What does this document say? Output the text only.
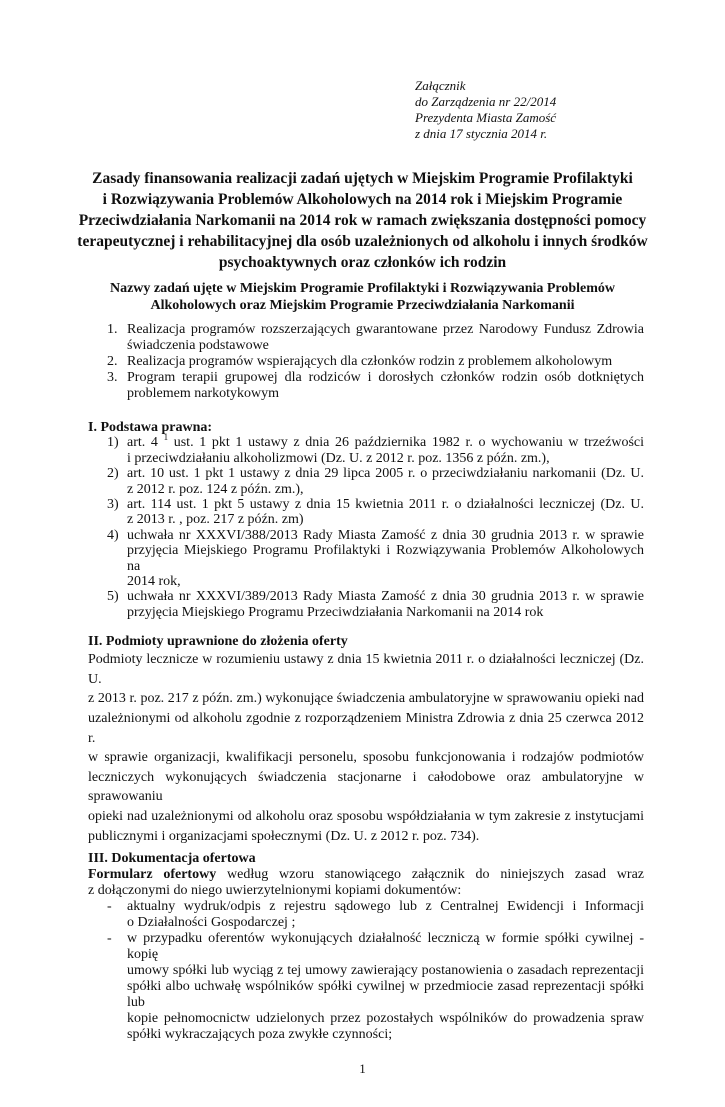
Załącznik
do Zarządzenia nr 22/2014
Prezydenta Miasta Zamość
z dnia 17 stycznia 2014 r.
Zasady finansowania realizacji zadań ujętych w Miejskim Programie Profilaktyki
i Rozwiązywania Problemów Alkoholowych na 2014 rok i Miejskim Programie
Przeciwdziałania Narkomanii na 2014 rok w ramach zwiększania dostępności pomocy
terapeutycznej i rehabilitacyjnej dla osób uzależnionych od alkoholu i innych środków
psychoaktywnych oraz członków ich rodzin
Nazwy zadań ujęte w Miejskim Programie Profilaktyki i Rozwiązywania Problemów
Alkoholowych oraz Miejskim Programie Przeciwdziałania Narkomanii
1. Realizacja programów rozszerzających gwarantowane przez Narodowy Fundusz Zdrowia
świadczenia podstawowe
2. Realizacja programów wspierających dla członków rodzin z problemem alkoholowym
3. Program terapii grupowej dla rodziców i dorosłych członków rodzin osób dotkniętych
problemem narkotykowym
I. Podstawa prawna:
1) art. 4 $^1$ ust. 1 pkt 1 ustawy z dnia 26 października 1982 r. o wychowaniu w trzeźwości
i przeciwdziałaniu alkoholizmowi (Dz. U. z 2012 r. poz. 1356 z późn. zm.),
2) art. 10 ust. 1 pkt 1 ustawy z dnia 29 lipca 2005 r. o przeciwdziałaniu narkomanii (Dz. U.
z 2012 r. poz. 124 z późn. zm.),
3) art. 114 ust. 1 pkt 5 ustawy z dnia 15 kwietnia 2011 r. o działalności leczniczej (Dz. U.
z 2013 r. , poz. 217 z późn. zm)
4) uchwała nr XXXVI/388/2013 Rady Miasta Zamość z dnia 30 grudnia 2013 r. w sprawie
przyjęcia Miejskiego Programu Profilaktyki i Rozwiązywania Problemów Alkoholowych na
2014 rok,
5) uchwała nr XXXVI/389/2013 Rady Miasta Zamość z dnia 30 grudnia 2013 r. w sprawie
przyjęcia Miejskiego Programu Przeciwdziałania Narkomanii na 2014 rok
II. Podmioty uprawnione do złożenia oferty
Podmioty lecznicze w rozumieniu ustawy z dnia 15 kwietnia 2011 r. o działalności leczniczej (Dz. U.
z 2013 r. poz. 217 z późn. zm.) wykonujące świadczenia ambulatoryjne w sprawowaniu opieki nad
uzależnionymi od alkoholu zgodnie z rozporządzeniem Ministra Zdrowia z dnia 25 czerwca 2012 r.
w sprawie organizacji, kwalifikacji personelu, sposobu funkcjonowania i rodzajów podmiotów
leczniczych wykonujących świadczenia stacjonarne i całodobowe oraz ambulatoryjne w sprawowaniu
opieki nad uzależnionymi od alkoholu oraz sposobu współdziałania w tym zakresie z instytucjami
publicznymi i organizacjami społecznymi (Dz. U. z 2012 r. poz. 734).
III. Dokumentacja ofertowa
Formularz ofertowy według wzoru stanowiącego załącznik do niniejszych zasad wraz
z dołączonymi do niego uwierzytelnionymi kopiami dokumentów:
- aktualny wydruk/odpis z rejestru sądowego lub z Centralnej Ewidencji i Informacji
o Działalności Gospodarczej ;
- w przypadku oferentów wykonujących działalność leczniczą w formie spółki cywilnej - kopię
umowy spółki lub wyciąg z tej umowy zawierający postanowienia o zasadach reprezentacji
spółki albo uchwałę wspólników spółki cywilnej w przedmiocie zasad reprezentacji spółki lub
kopie pełnomocnictw udzielonych przez pozostałych wspólników do prowadzenia spraw
spółki wykraczających poza zwykłe czynności;
1
